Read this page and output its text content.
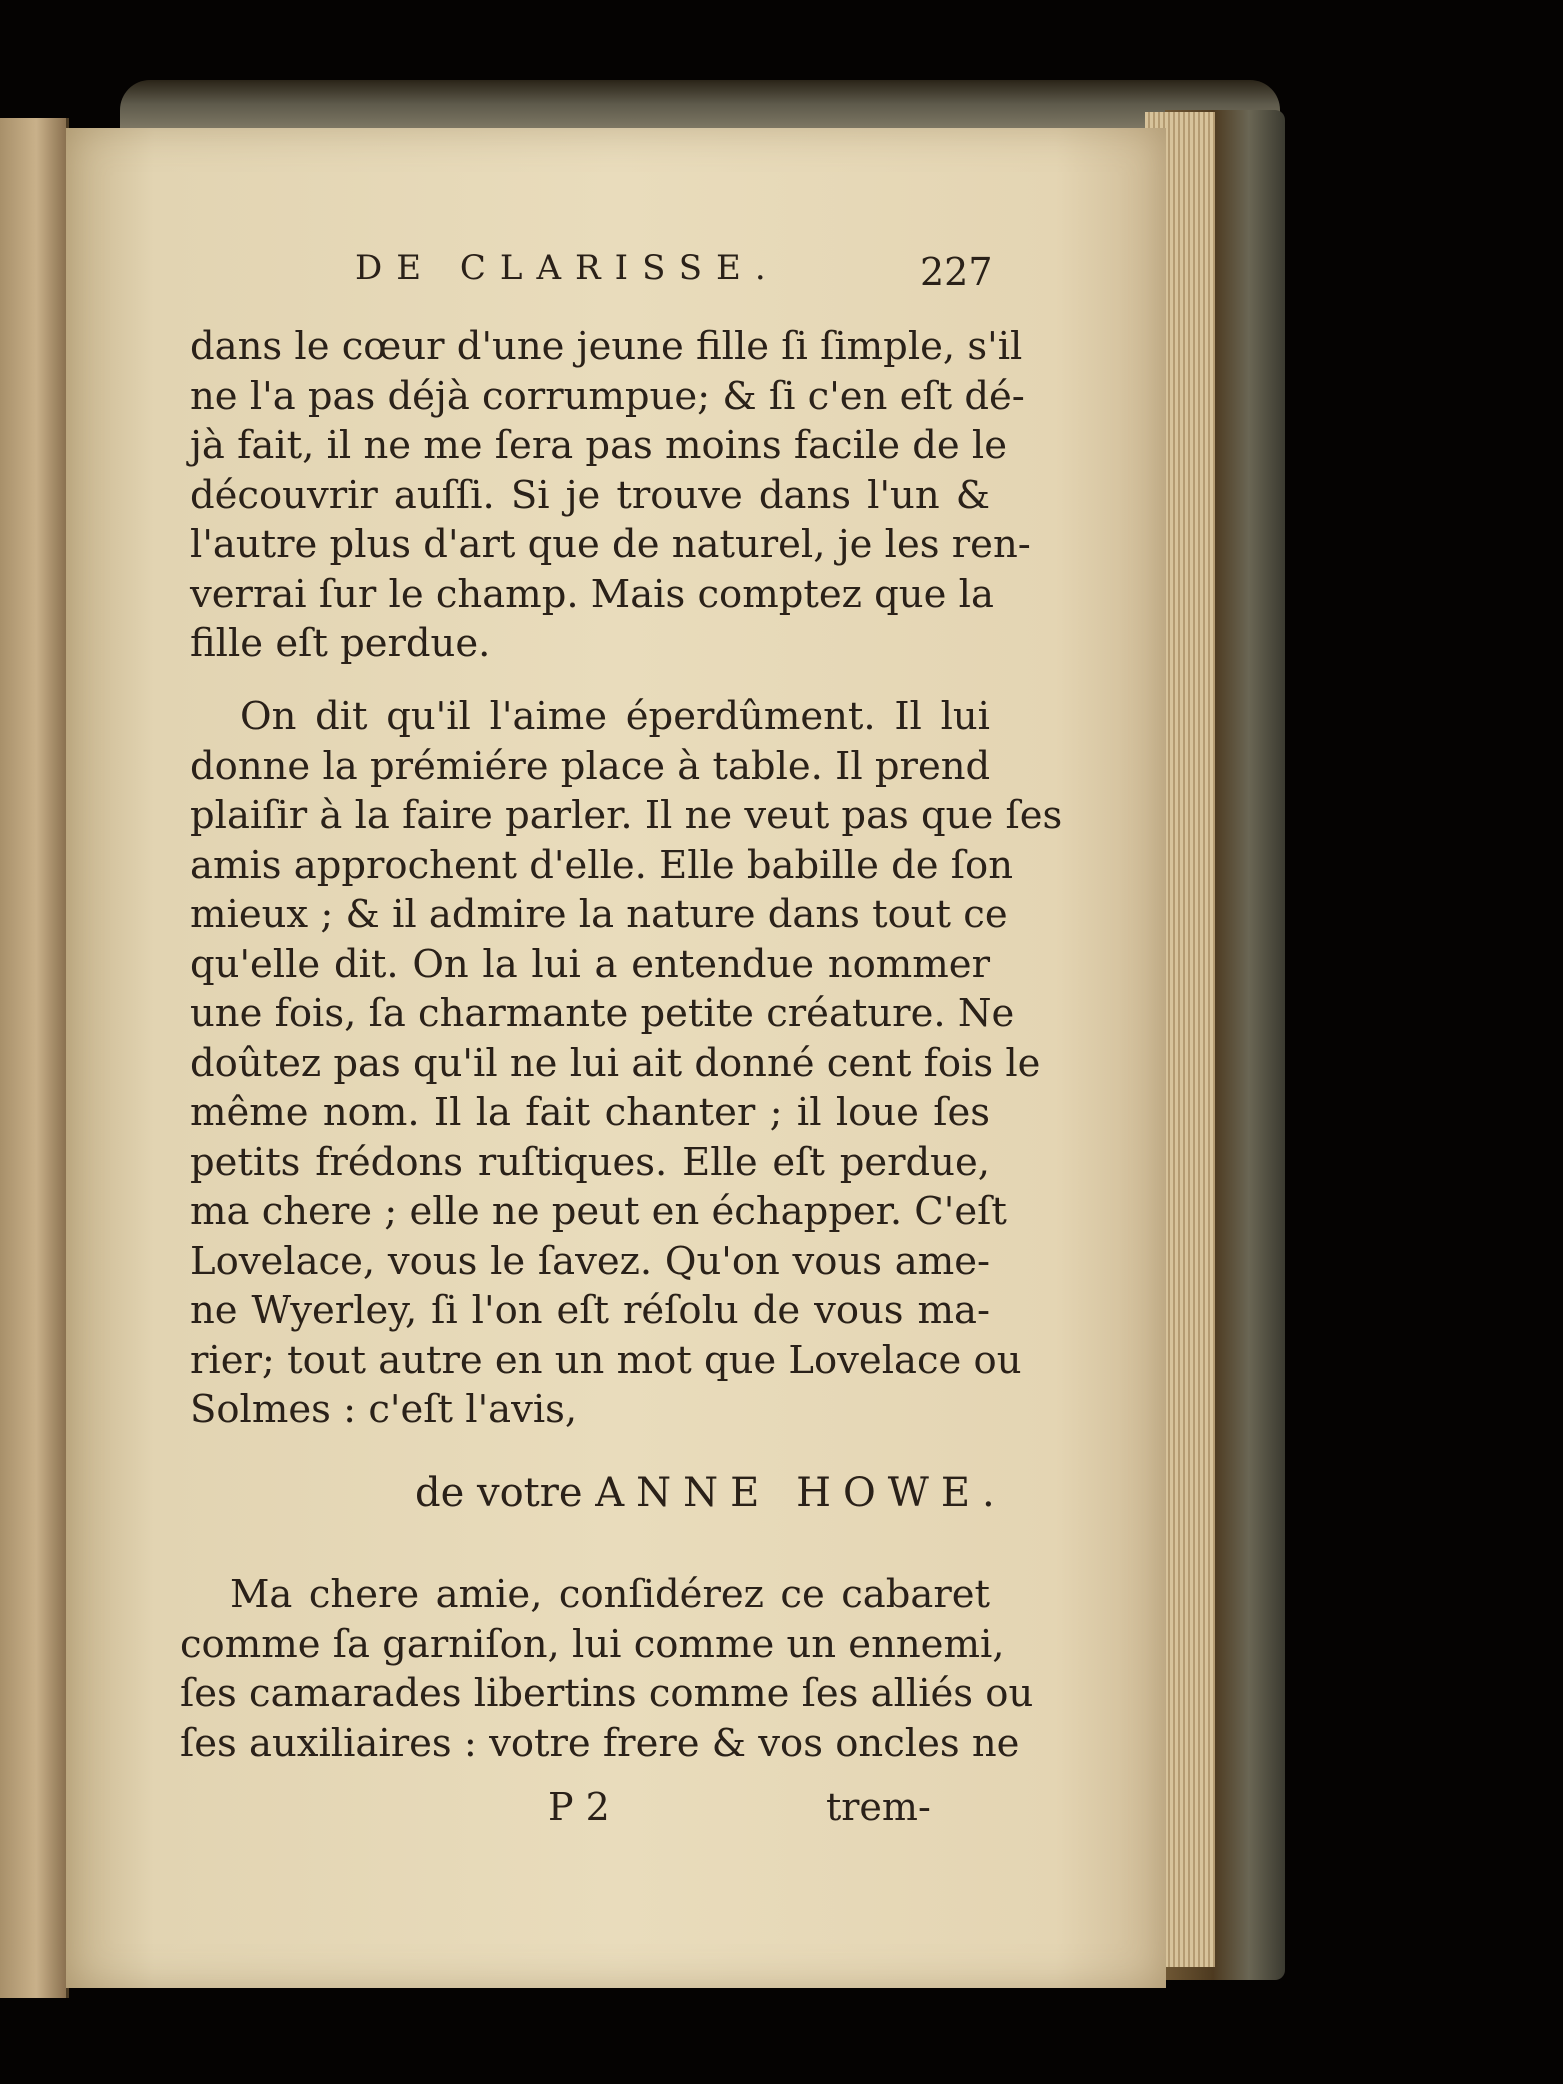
DE CLARISSE.	227
dans le cœur d'une jeune fille ſi ſimple, s'il
ne l'a pas déjà corrumpue; & ſi c'en eſt dé-
jà fait, il ne me ſera pas moins facile de le
découvrir auſſi. Si je trouve dans l'un &
l'autre plus d'art que de naturel, je les ren-
verrai ſur le champ. Mais comptez que la
fille eſt perdue.
On dit qu'il l'aime éperdûment. Il lui
donne la prémiére place à table. Il prend
plaiſir à la faire parler. Il ne veut pas que ſes
amis approchent d'elle. Elle babille de ſon
mieux ; & il admire la nature dans tout ce
qu'elle dit. On la lui a entendue nommer
une fois, ſa charmante petite créature. Ne
doûtez pas qu'il ne lui ait donné cent fois le
même nom. Il la fait chanter ; il loue ſes
petits frédons ruſtiques. Elle eſt perdue,
ma chere ; elle ne peut en échapper. C'eſt
Lovelace, vous le ſavez. Qu'on vous ame-
ne Wyerley, ſi l'on eſt réſolu de vous ma-
rier; tout autre en un mot que Lovelace ou
Solmes : c'eſt l'avis,
de votre ANNE HOWE.
Ma chere amie, conſidérez ce cabaret
comme ſa garniſon, lui comme un ennemi,
ſes camarades libertins comme ſes alliés ou
ſes auxiliaires : votre frere & vos oncles ne
P 2	trem-
